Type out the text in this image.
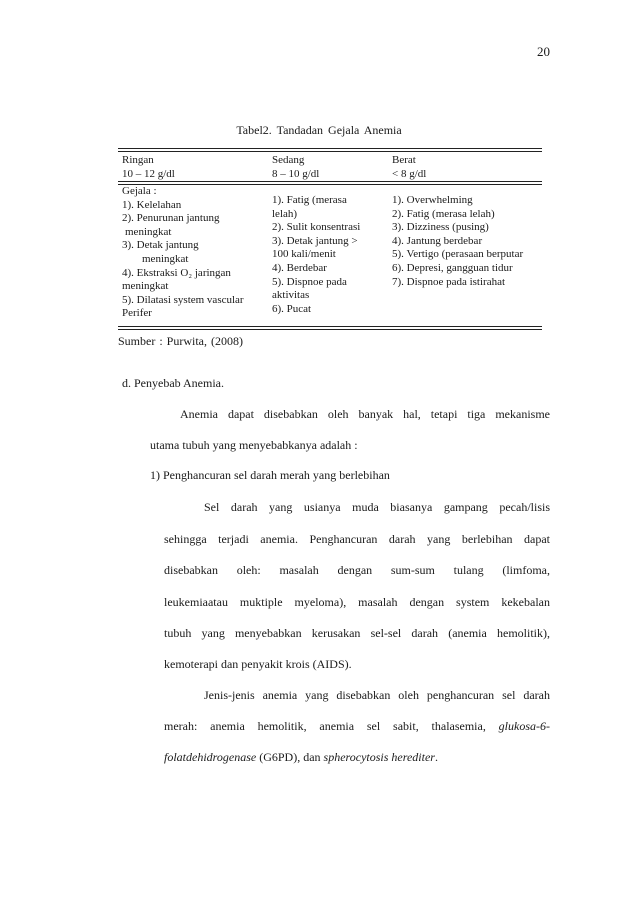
20
Tabel2. Tandadan Gejala Anemia
Ringan
10 – 12 g/dl
Sedang
8 – 10 g/dl
Berat
< 8 g/dl
Gejala :
1). Kelelahan
2). Penurunan jantung
meningkat
3). Detak jantung
meningkat
4). Ekstraksi O₂ jaringan
meningkat
5). Dilatasi system vascular
Perifer
1). Fatig (merasa
lelah)
2). Sulit konsentrasi
3). Detak jantung >
100 kali/menit
4). Berdebar
5). Dispnoe pada
aktivitas
6). Pucat
1). Overwhelming
2). Fatig (merasa lelah)
3). Dizziness (pusing)
4). Jantung berdebar
5). Vertigo (perasaan berputar
6). Depresi, gangguan tidur
7). Dispnoe pada istirahat
Sumber : Purwita, (2008)
d. Penyebab Anemia.
Anemia dapat disebabkan oleh banyak hal, tetapi tiga mekanisme
utama tubuh yang menyebabkanya adalah :
1) Penghancuran sel darah merah yang berlebihan
Sel darah yang usianya muda biasanya gampang pecah/lisis
sehingga terjadi anemia. Penghancuran darah yang berlebihan dapat
disebabkan oleh: masalah dengan sum-sum tulang (limfoma,
leukemiaatau muktiple myeloma), masalah dengan system kekebalan
tubuh yang menyebabkan kerusakan sel-sel darah (anemia hemolitik),
kemoterapi dan penyakit krois (AIDS).
Jenis-jenis anemia yang disebabkan oleh penghancuran sel darah
merah: anemia hemolitik, anemia sel sabit, thalasemia, glukosa-6-
folatdehidrogenase (G6PD), dan spherocytosis herediter.
